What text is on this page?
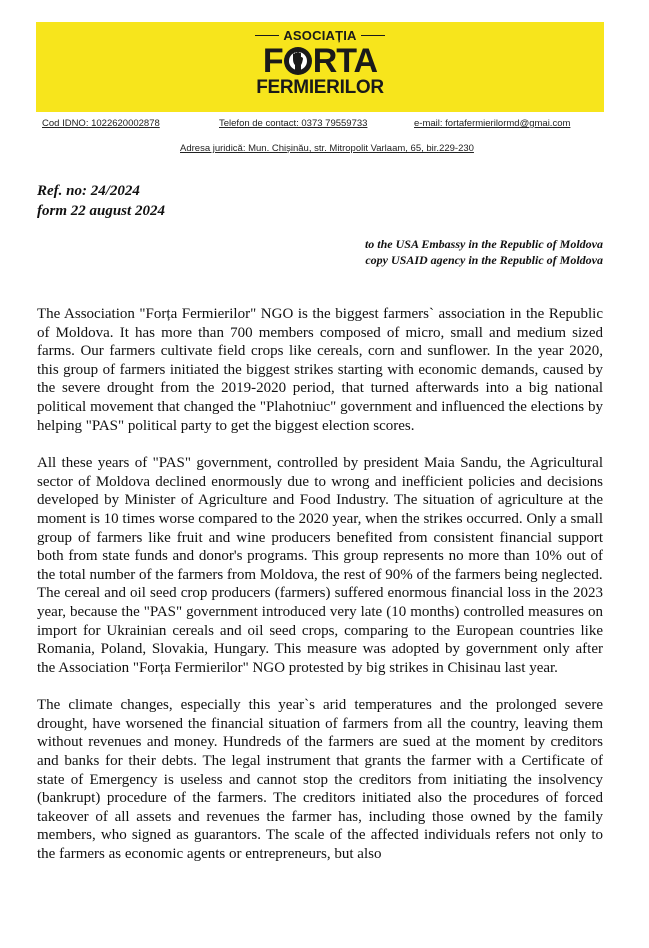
ASOCIAȚIA
F RTA
FERMIERILOR
Cod IDNO: 1022620002878	Telefon de contact: 0373 79559733	e-mail: fortafermierilormd@gmai.com
Adresa juridică: Mun. Chișinău, str. Mitropolit Varlaam, 65, bir.229-230
Ref. no: 24/2024
form 22 august 2024
to the USA Embassy in the Republic of Moldova
copy USAID agency in the Republic of Moldova

The Association "Forța Fermierilor" NGO is the biggest farmers` association in the Republic of Moldova. It has more than 700 members composed of micro, small and medium sized farms. Our farmers cultivate field crops like cereals, corn and sunflower. In the year 2020, this group of farmers initiated the biggest strikes starting with economic demands, caused by the severe drought from the 2019-2020 period, that turned afterwards into a big national political movement that changed the "Plahotniuc" government and influenced the elections by helping "PAS" political party to get the biggest election scores.

All these years of "PAS" government, controlled by president Maia Sandu, the Agricultural sector of Moldova declined enormously due to wrong and inefficient policies and decisions developed by Minister of Agriculture and Food Industry. The situation of agriculture at the moment is 10 times worse compared to the 2020 year, when the strikes occurred. Only a small group of farmers like fruit and wine producers benefited from consistent financial support both from state funds and donor's programs. This group represents no more than 10% out of the total number of the farmers from Moldova, the rest of 90% of the farmers being neglected.

The cereal and oil seed crop producers (farmers) suffered enormous financial loss in the 2023 year, because the "PAS" government introduced very late (10 months) controlled measures on import for Ukrainian cereals and oil seed crops, comparing to the European countries like Romania, Poland, Slovakia, Hungary. This measure was adopted by government only after the Association "Forța Fermierilor" NGO protested by big strikes in Chisinau last year.

The climate changes, especially this year`s arid temperatures and the prolonged severe drought, have worsened the financial situation of farmers from all the country, leaving them without revenues and money. Hundreds of the farmers are sued at the moment by creditors and banks for their debts. The legal instrument that grants the farmer with a Certificate of state of Emergency is useless and cannot stop the creditors from initiating the insolvency (bankrupt) procedure of the farmers. The creditors initiated also the procedures of forced takeover of all assets and revenues the farmer has, including those owned by the family members, who signed as guarantors. The scale of the affected individuals refers not only to the farmers as economic agents or entrepreneurs, but also
